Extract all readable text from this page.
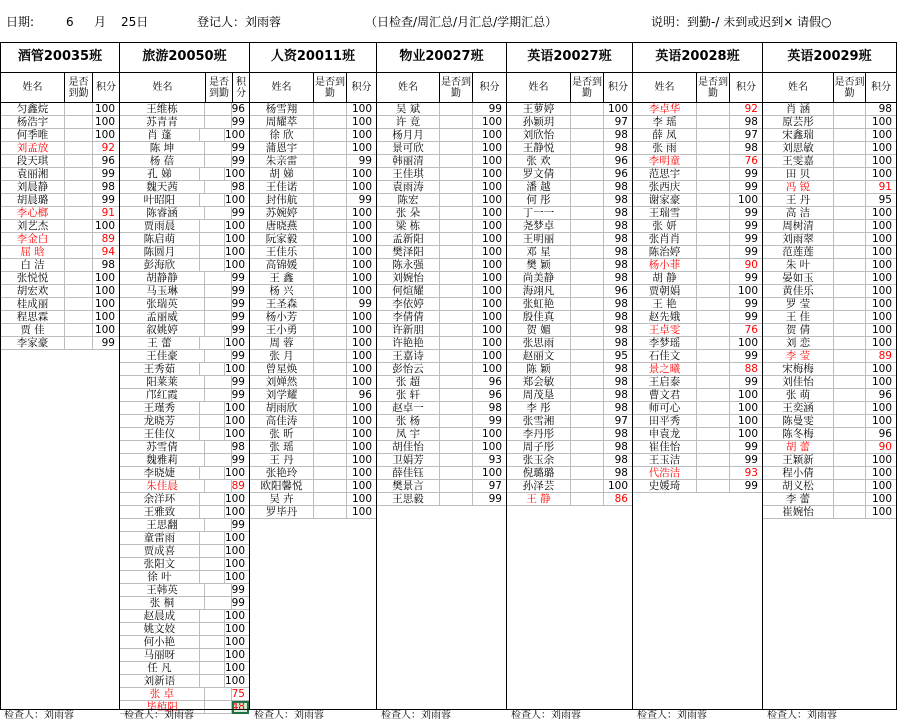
日期:	6 月 25日	登记人：刘雨蓉	（日检查/周汇总/月汇总/学期汇总）	说明：到勤-/ 未到或迟到× 请假○
酒管20035班
姓名	是否到勤 积分
匀鑫烷	100
杨浩宇	100
何季唯	100
刘孟放	92
段天琪	96
袁丽湘	99
刘晨静	98
胡晨璐	99
李心榔	91
刘艺杰	100
李金白	89
屈 晗	94
白 洁	98
张悦悦	100
胡宏欢	100
桂成丽	100
程思霖	100
贾 佳	100
李家豪	99
旅游20050班
姓名	是否到勤
积分
王维栋	96
苏青青	99
肖 蓬	100
陈 坤	99
杨 蓓	99
孔 娣	100
魏天茜	98
叶昭阳	100
陈睿涵	99
贾雨晨	100
陈启萌	100
陈圆月	100
彭海欣	100
胡静静	99
马玉琳	99
张瑞英	99
孟丽威	99
叙姚婷	99
王 蕾	100
王佳豪	99
王秀茹	100
阳莱莱	99
邝红霞	99
王瑾秀	100
龙晓芳	100
王佳仪	100
苏雪倩	98
魏雅莉	99
李晓婕	100
朱佳晨	89
余洋环	100
王雅致	100
王思翻	99
童雷雨	100
贾成喜	100
张阳文	100
徐 叶	100
王韩英	99
张 桐	99
赵晨成	100
姚文姣	100
何小艳	100
马丽呀	100
任 凡	100
刘新语	100
张 卓	75
毕植阳	48
人资20011班
姓名	是否到勤	积分
杨雪翔	100
周耀萃	100
徐 欣	100
蒲恩宇	100
朱亲雷	99
胡 娣	100
王佳诺	100
封伟航	99
苏婉婷	100
唐晓燕	100
阮家毅	100
王佳乐	100
高锦媛	100
王 鑫	100
杨 兴	100
王圣森	99
杨小芳	100
王小勇	100
周 蓉	100
张 月	100
曾星焕	100
刘婵然	100
刘学耀	96
胡雨欣	100
高佳涛	100
张 昕	100
张 瑶	100
王 丹	100
张艳玲	100
欧阳馨悦	100
吴 卉	100
罗毕丹	100
物业20027班
姓名	是否到勤	积分
吴 斌	99
许 竟	100
杨月月	100
景可欣	100
韩丽清	100
王佳琪	100
袁雨涛	100
陈宏	100
张 朵	100
梁 栋	100
孟新阳	100
樊泽阳	100
陈永强	100
刘婉怡	100
何煊耀	100
李依婷	100
李倩倩	100
许新朋	100
许艳艳	100
王嘉诗	100
彭怡云	100
张 超	96
张 轩	96
赵卓一	98
张 杨	99
凤 宇	100
胡佳怡	100
卫娟芳	93
薛佳钰	100
樊景言	97
王思毅	99
英语20027班
姓名	是否到勤	积分
王萝婷	100
孙颖玥	97
刘欣怡	98
王静悦	98
张 欢	96
罗文倩	96
潘 越	98
何 彤	98
丁一一	98
尧梦卓	98
王明丽	98
邓 星	98
樊 颖	98
尚美静	98
海翊凡	96
张虹艳	98
殷佳真	98
贺 媚	98
张思雨	98
赵丽文	95
陈 颖	98
郑会敏	98
周茂垦	98
李 彤	98
张雪湘	97
李丹彤	98
周子彤	98
张玉余	98
倪璐璐	98
孙泽芸	100
王 静	86
英语20028班
姓名	是否到勤	积分
李卓华	92
李 瑶	98
薛 凤	97
张 雨	98
李明童	76
范思宇	99
张西庆	99
谢家豪	100
王瑞雪	99
张 妍	99
张肖肖	99
陈治婷	99
杨小菲	90
胡 静	99
贾朝娟	100
王 艳	99
赵先娥	99
王卓雯	76
李梦瑶	100
石佳文	99
景之曦	88
王启泰	99
曹文君	100
师可心	100
田平秀	100
申袁龙	100
崔佳怡	99
王玉洁	99
代浩洁	93
史媛琦	99
英语20029班
姓名	是否到勤	积分
肖 涵	98
原芸彤	100
宋鑫瑞	100
刘思敏	100
王雯嘉	100
田 贝	100
冯 锐	91
王 丹	95
高 洁	100
周树清	100
刘雨翠	100
范莲莲	100
朱 叶	100
晏如玉	100
黄佳乐	100
罗 莹	100
王 佳	100
贺 倩	100
刘 恋	100
李 莹	89
宋梅梅	100
刘佳怡	100
张 萌	96
王奕涵	100
陈曼雯	100
陈冬梅	96
胡 蕾	90
王颖新	100
程小倩	100
胡义松	100
李 蕾	100
崔婉怡	100
检查人：刘雨蓉	检查人：刘雨蓉	检查人：刘雨蓉	检查人：刘雨蓉	检查人：刘雨蓉	检查人：刘雨蓉	检查人：刘雨蓉
